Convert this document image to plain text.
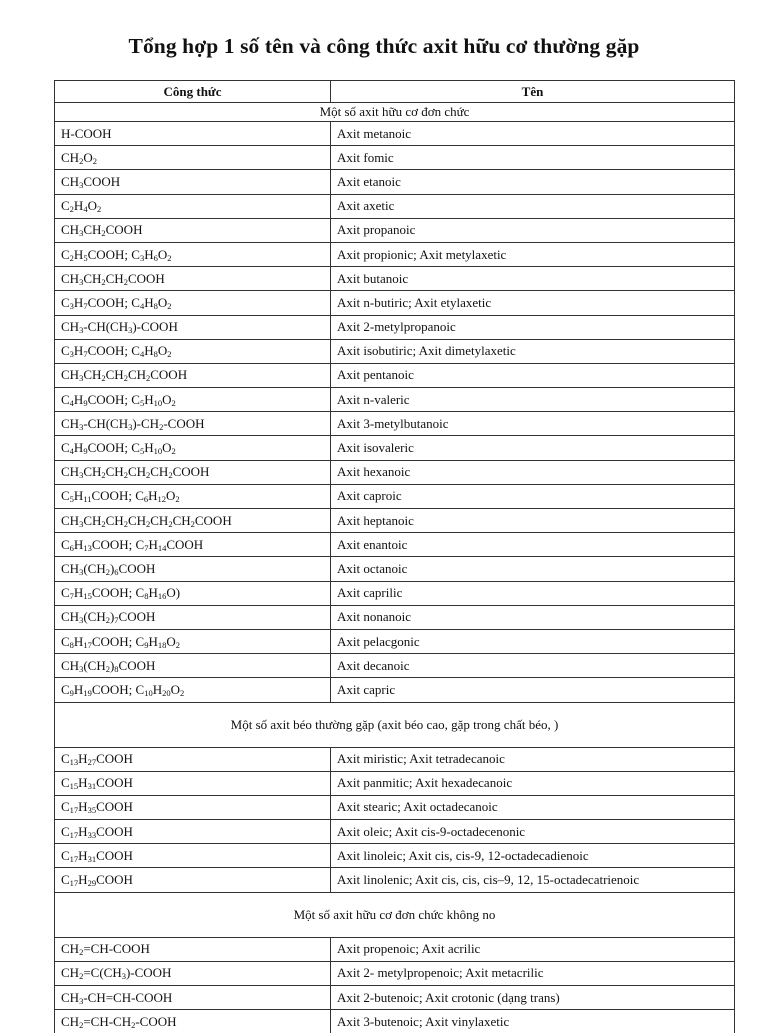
Tổng hợp 1 số tên và công thức axit hữu cơ thường gặp
Công thức	Tên
Một số axit hữu cơ đơn chức	
H-COOH	Axit metanoic
$CH_2O_2$	Axit fomic
$CH_3COOH$	Axit etanoic
$C_2H_4O_2$	Axit axetic
$CH_3CH_2COOH$	Axit propanoic
$C_2H_5COOH$; $C_3H_6O_2$	Axit propionic; Axit metylaxetic
$CH_3CH_2CH_2COOH$	Axit butanoic
$C_3H_7COOH$; $C_4H_8O_2$	Axit n-butiric; Axit etylaxetic
$CH_3-CH(CH_3)$-COOH	Axit 2-metylpropanoic
$C_3H_7COOH$; $C_4H_8O_2$	Axit isobutiric; Axit dimetylaxetic
$CH_3CH_2CH_2CH_2COOH$	Axit pentanoic
$C_4H_9COOH$; $C_5H_{10}O_2$	Axit n-valeric
$CH_3-CH(CH_3)-CH_2$-COOH	Axit 3-metylbutanoic
$C_4H_9COOH$; $C_5H_{10}O_2$	Axit isovaleric
$CH_3CH_2CH_2CH_2CH_2COOH$	Axit hexanoic
$C_5H_{11}COOH$; $C_6H_{12}O_2$	Axit caproic
$CH_3CH_2CH_2CH_2CH_2CH_2COOH$	Axit heptanoic
$C_6H_{13}COOH$; $C_7H_{14}COOH$	Axit enantoic
$CH_3(CH_2)_6COOH$	Axit octanoic
$C_7H_{15}COOH$; $C_8H_{16}O$)	Axit caprilic
$CH_3(CH_2)_7COOH$	Axit nonanoic
$C_8H_{17}COOH$; $C_9H_{18}O_2$	Axit pelacgonic
$CH_3(CH_2)_8COOH$	Axit decanoic
$C_9H_{19}COOH$; $C_{10}H_{20}O_2$	Axit capric
Một số axit béo thường gặp (axit béo cao, gặp trong chất béo, )	
$C_{13}H_{27}COOH$	Axit miristic; Axit tetradecanoic
$C_{15}H_{31}COOH$	Axit panmitic; Axit hexadecanoic
$C_{17}H_{35}COOH$	Axit stearic; Axit octadecanoic
$C_{17}H_{33}COOH$	Axit oleic; Axit cis-9-octadecenonic
$C_{17}H_{31}COOH$	Axit linoleic; Axit cis, cis-9, 12-octadecadienoic
$C_{17}H_{29}COOH$	Axit linolenic; Axit cis, cis, cis–9, 12, 15-octadecatrienoic
Một số axit hữu cơ đơn chức không no	
$CH_2=CH$-COOH	Axit propenoic; Axit acrilic
$CH_2=C(CH_3)$-COOH	Axit 2- metylpropenoic; Axit metacrilic
$CH_3-CH=CH$-COOH	Axit 2-butenoic; Axit crotonic (dạng trans)
$CH_2=CH-CH_2$-COOH	Axit 3-butenoic; Axit vinylaxetic
